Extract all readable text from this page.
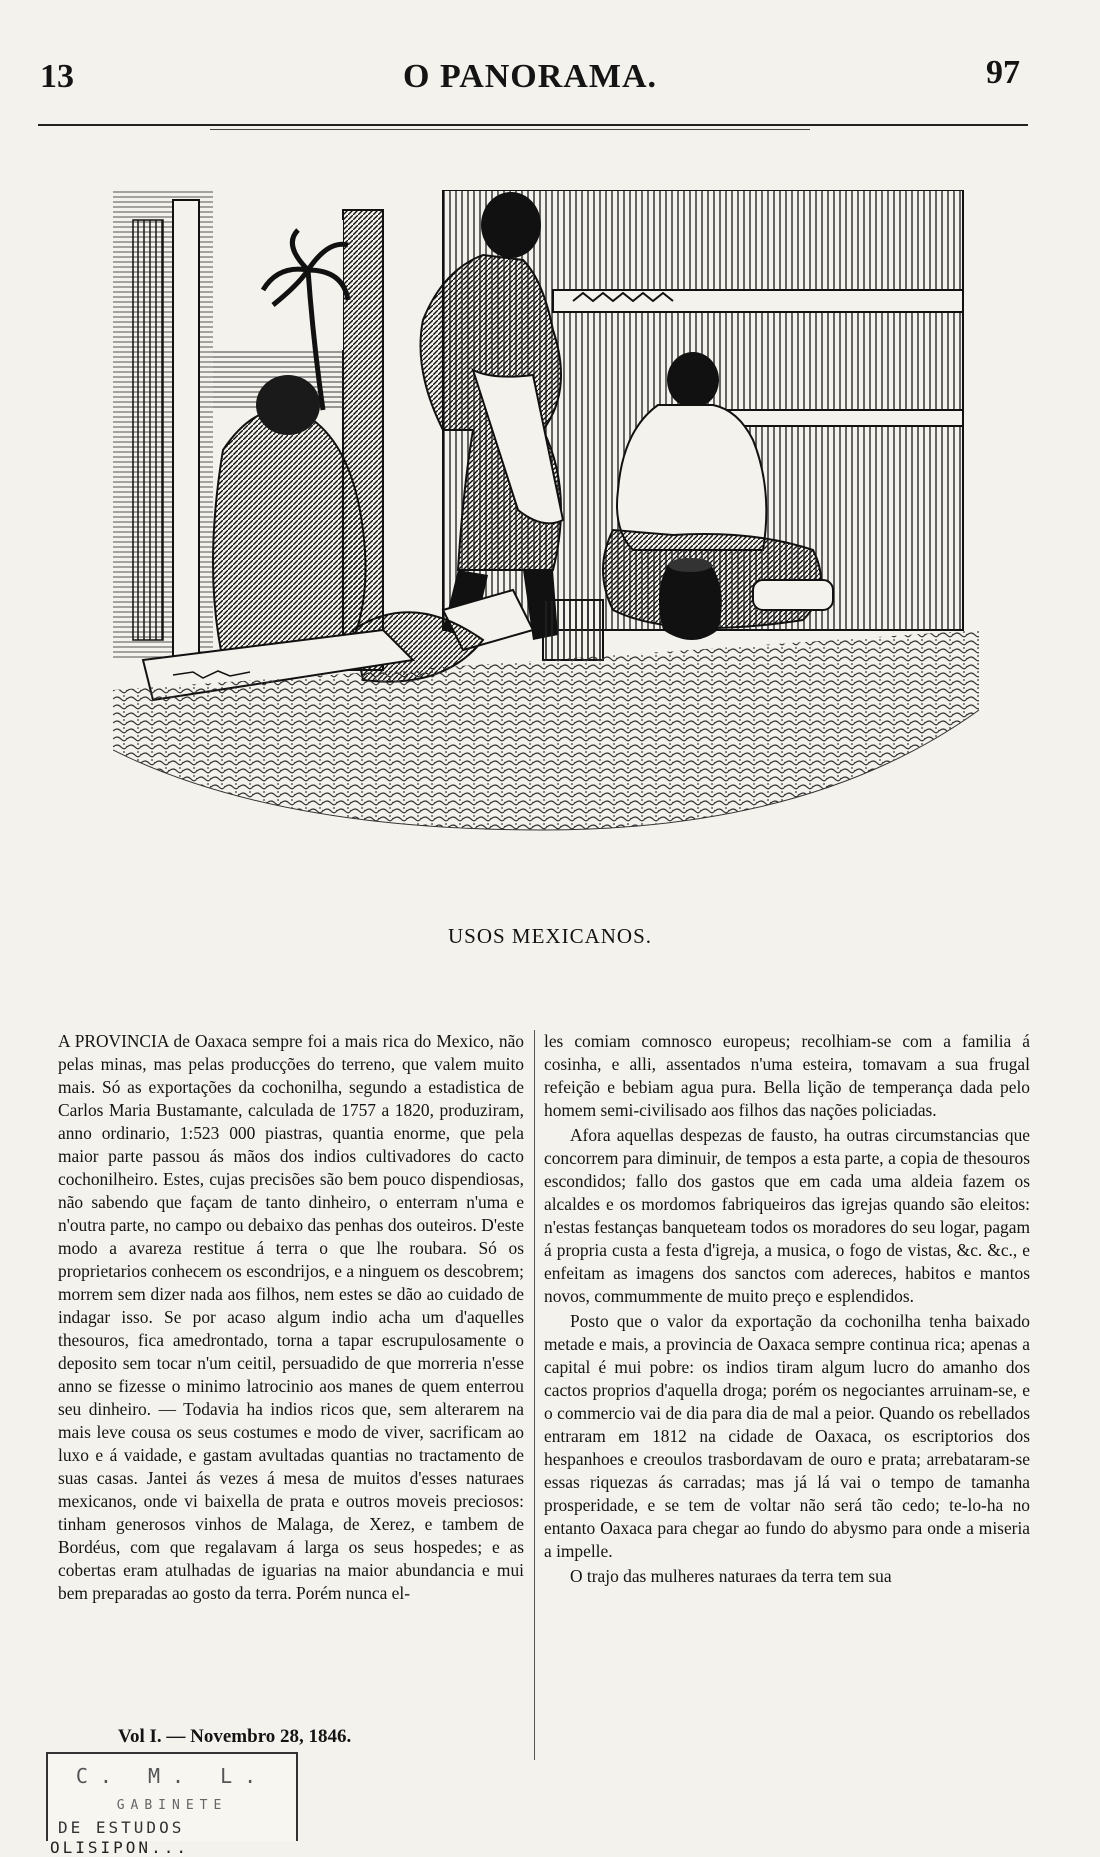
13	O PANORAMA.	97
USOS MEXICANOS.

A PROVINCIA de Oaxaca sempre foi a mais rica do Mexico, não pelas minas, mas pelas producções do terreno, que valem muito mais. Só as exportações da cochonilha, segundo a estadistica de Carlos Maria Bustamante, calculada de 1757 a 1820, produziram, anno ordinario, 1:523 000 piastras, quantia enorme, que pela maior parte passou ás mãos dos indios cultivadores do cacto cochonilheiro. Estes, cujas precisões são bem pouco dispendiosas, não sabendo que façam de tanto dinheiro, o enterram n'uma e n'outra parte, no campo ou debaixo das penhas dos outeiros. D'este modo a avareza restitue á terra o que lhe roubara. Só os proprietarios conhecem os escondrijos, e a ninguem os descobrem; morrem sem dizer nada aos filhos, nem estes se dão ao cuidado de indagar isso. Se por acaso algum indio acha um d'aquelles thesouros, fica amedrontado, torna a tapar escrupulosamente o deposito sem tocar n'um ceitil, persuadido de que morreria n'esse anno se fizesse o minimo latrocinio aos manes de quem enterrou seu dinheiro. — Todavia ha indios ricos que, sem alterarem na mais leve cousa os seus costumes e modo de viver, sacrificam ao luxo e á vaidade, e gastam avultadas quantias no tractamento de suas casas. Jantei ás vezes á mesa de muitos d'esses naturaes mexicanos, onde vi baixella de prata e outros moveis preciosos: tinham generosos vinhos de Malaga, de Xerez, e tambem de Bordéus, com que regalavam á larga os seus hospedes; e as cobertas eram atulhadas de iguarias na maior abundancia e mui bem preparadas ao gosto da terra. Porém nunca el-

les comiam comnosco europeus; recolhiam-se com a familia á cosinha, e alli, assentados n'uma esteira, tomavam a sua frugal refeição e bebiam agua pura. Bella lição de temperança dada pelo homem semi-civilisado aos filhos das nações policiadas.

Afora aquellas despezas de fausto, ha outras circumstancias que concorrem para diminuir, de tempos a esta parte, a copia de thesouros escondidos; fallo dos gastos que em cada uma aldeia fazem os alcaldes e os mordomos fabriqueiros das igrejas quando são eleitos: n'estas festanças banqueteam todos os moradores do seu logar, pagam á propria custa a festa d'igreja, a musica, o fogo de vistas, &c. &c., e enfeitam as imagens dos sanctos com adereces, habitos e mantos novos, commummente de muito preço e esplendidos.

Posto que o valor da exportação da cochonilha tenha baixado metade e mais, a provincia de Oaxaca sempre continua rica; apenas a capital é mui pobre: os indios tiram algum lucro do amanho dos cactos proprios d'aquella droga; porém os negociantes arruinam-se, e o commercio vai de dia para dia de mal a peior. Quando os rebellados entraram em 1812 na cidade de Oaxaca, os escriptorios dos hespanhoes e creoulos trasbordavam de ouro e prata; arrebataram-se essas riquezas ás carradas; mas já lá vai o tempo de tamanha prosperidade, e se tem de voltar não será tão cedo; te-lo-ha no entanto Oaxaca para chegar ao fundo do abysmo para onde a miseria a impelle.

O trajo das mulheres naturaes da terra tem sua

Vol I. — Novembro 28, 1846.
C. M. L.
GABINETE
DE ESTUDOS
OLISIPON...
